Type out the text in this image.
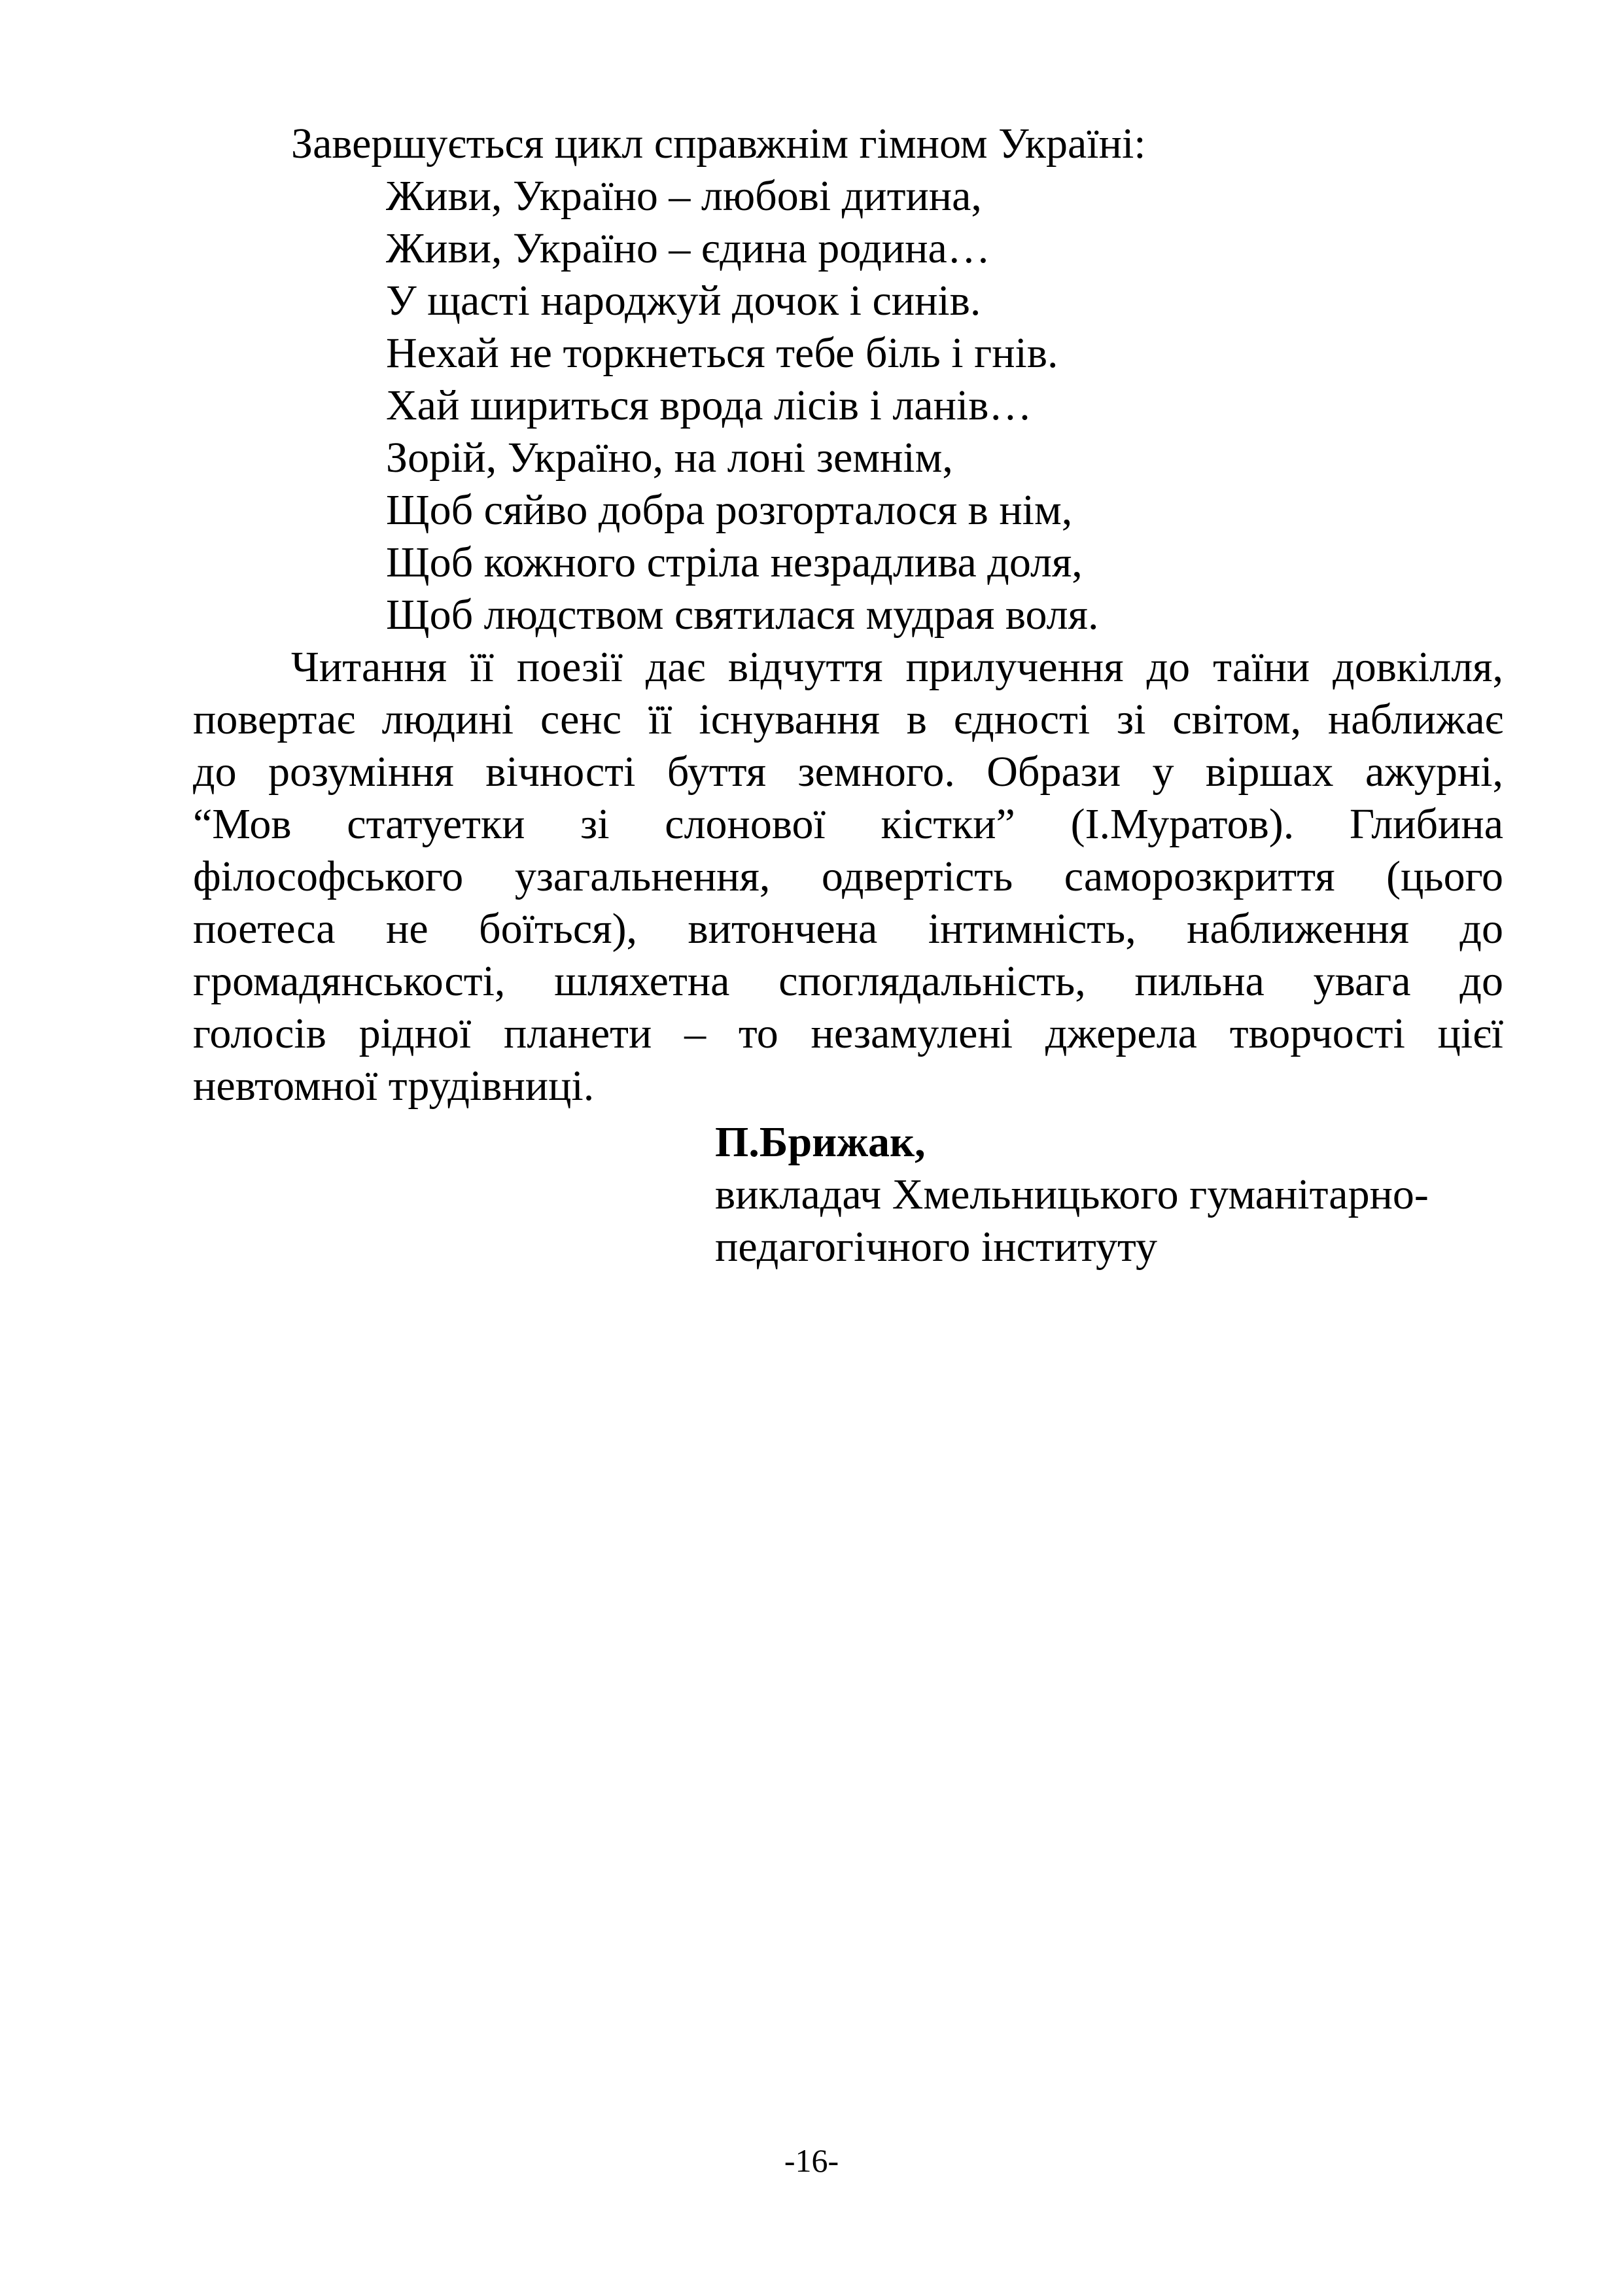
Завершується цикл справжнім гімном Україні:
Живи, Україно – любові дитина,
Живи, Україно – єдина родина…
У щасті народжуй дочок і синів.
Нехай не торкнеться тебе біль і гнів.
Хай шириться врода лісів і ланів…
Зорій, Україно, на лоні земнім,
Щоб сяйво добра розгорталося в нім,
Щоб кожного стріла незрадлива доля,
Щоб людством святилася мудрая воля.
Читання її поезії дає відчуття прилучення до таїни довкілля,
повертає людині сенс її існування в єдності зі світом, наближає
до розуміння вічності буття земного. Образи у віршах ажурні,
“Мов статуетки зі слонової кістки” (І.Муратов). Глибина
філософського узагальнення, одвертість саморозкриття (цього
поетеса не боїться), витончена інтимність, наближення до
громадянськості, шляхетна споглядальність, пильна увага до
голосів рідної планети – то незамулені джерела творчості цієї
невтомної трудівниці.
П.Брижак,
викладач Хмельницького гуманітарно-
педагогічного інституту
-16-
